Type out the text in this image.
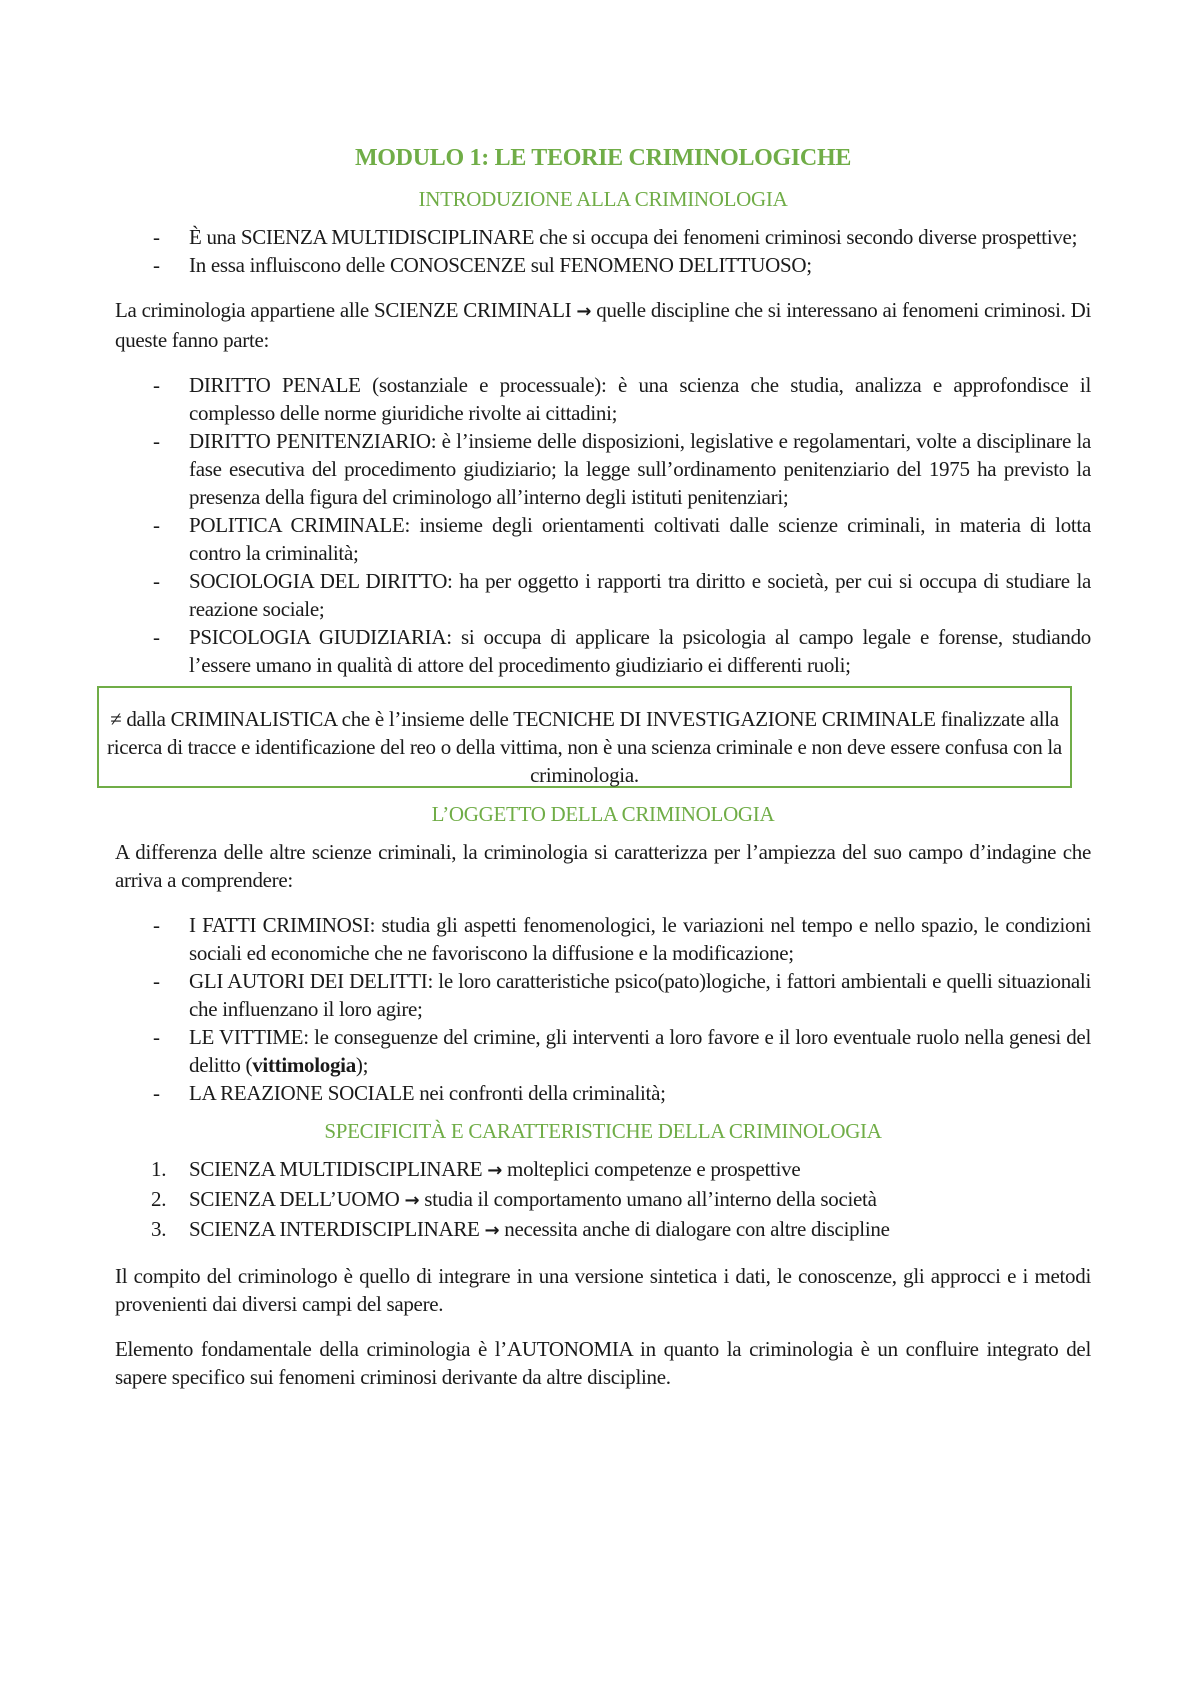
MODULO 1: LE TEORIE CRIMINOLOGICHE
INTRODUZIONE ALLA CRIMINOLOGIA
- È una SCIENZA MULTIDISCIPLINARE che si occupa dei fenomeni criminosi secondo diverse prospettive;
- In essa influiscono delle CONOSCENZE sul FENOMENO DELITTUOSO;

La criminologia appartiene alle SCIENZE CRIMINALI → quelle discipline che si interessano ai fenomeni criminosi. Di queste fanno parte:

- DIRITTO PENALE (sostanziale e processuale): è una scienza che studia, analizza e approfondisce il complesso delle norme giuridiche rivolte ai cittadini;
- DIRITTO PENITENZIARIO: è l’insieme delle disposizioni, legislative e regolamentari, volte a disciplinare la fase esecutiva del procedimento giudiziario; la legge sull’ordinamento penitenziario del 1975 ha previsto la presenza della figura del criminologo all’interno degli istituti penitenziari;
- POLITICA CRIMINALE: insieme degli orientamenti coltivati dalle scienze criminali, in materia di lotta contro la criminalità;
- SOCIOLOGIA DEL DIRITTO: ha per oggetto i rapporti tra diritto e società, per cui si occupa di studiare la reazione sociale;
- PSICOLOGIA GIUDIZIARIA: si occupa di applicare la psicologia al campo legale e forense, studiando l’essere umano in qualità di attore del procedimento giudiziario ei differenti ruoli;
≠ dalla CRIMINALISTICA che è l’insieme delle TECNICHE DI INVESTIGAZIONE CRIMINALE finalizzate alla ricerca di tracce e identificazione del reo o della vittima, non è una scienza criminale e non deve essere confusa con la criminologia.
L’OGGETTO DELLA CRIMINOLOGIA

A differenza delle altre scienze criminali, la criminologia si caratterizza per l’ampiezza del suo campo d’indagine che arriva a comprendere:

- I FATTI CRIMINOSI: studia gli aspetti fenomenologici, le variazioni nel tempo e nello spazio, le condizioni sociali ed economiche che ne favoriscono la diffusione e la modificazione;
- GLI AUTORI DEI DELITTI: le loro caratteristiche psico(pato)logiche, i fattori ambientali e quelli situazionali che influenzano il loro agire;
- LE VITTIME: le conseguenze del crimine, gli interventi a loro favore e il loro eventuale ruolo nella genesi del delitto (vittimologia);
- LA REAZIONE SOCIALE nei confronti della criminalità;
SPECIFICITÀ E CARATTERISTICHE DELLA CRIMINOLOGIA
1. SCIENZA MULTIDISCIPLINARE → molteplici competenze e prospettive
2. SCIENZA DELL’UOMO → studia il comportamento umano all’interno della società
3. SCIENZA INTERDISCIPLINARE → necessita anche di dialogare con altre discipline

Il compito del criminologo è quello di integrare in una versione sintetica i dati, le conoscenze, gli approcci e i metodi provenienti dai diversi campi del sapere.

Elemento fondamentale della criminologia è l’AUTONOMIA in quanto la criminologia è un confluire integrato del sapere specifico sui fenomeni criminosi derivante da altre discipline.
